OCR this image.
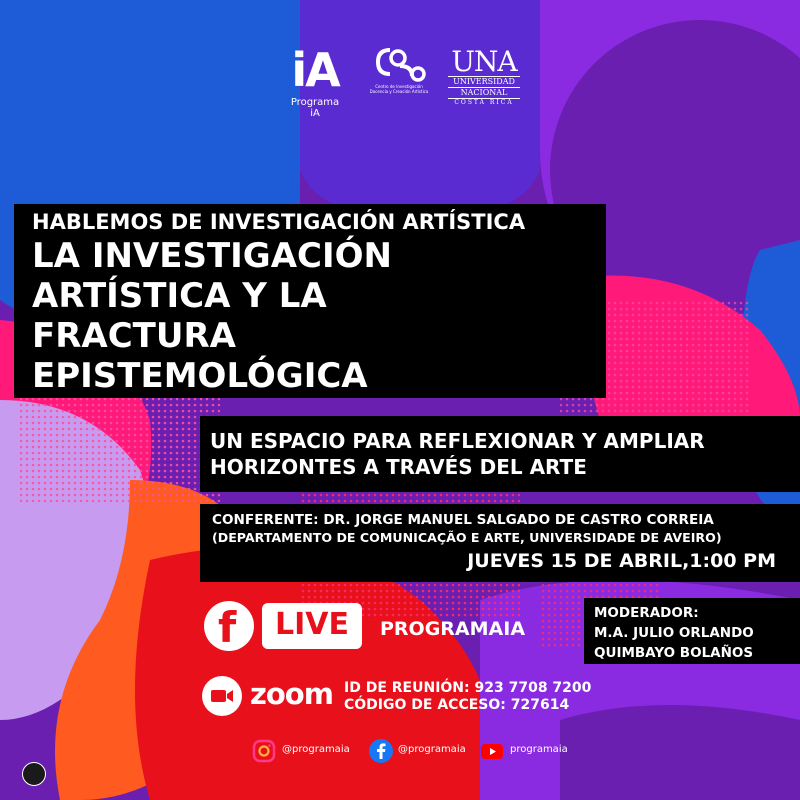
iA
Programa iA
Centro de Investigación Docencia y Creación Artística
UNA
UNIVERSIDAD
NACIONAL
COSTA RICA
HABLEMOS DE INVESTIGACIÓN ARTÍSTICA
LA INVESTIGACIÓN
ARTÍSTICA Y LA
FRACTURA
EPISTEMOLÓGICA
UN ESPACIO PARA REFLEXIONAR Y AMPLIAR
HORIZONTES A TRAVÉS DEL ARTE
CONFERENTE: DR. JORGE MANUEL SALGADO DE CASTRO CORREIA
(DEPARTAMENTO DE COMUNICAÇÃO E ARTE, UNIVERSIDADE DE AVEIRO)
JUEVES 15 DE ABRIL,1:00 PM
f	LIVE	PROGRAMAIA
MODERADOR:
M.A. JULIO ORLANDO
QUIMBAYO BOLAÑOS
zoom ID DE REUNIÓN: 923 7708 7200
CÓDIGO DE ACCESO: 727614
@programaia	@programaia	programaia
